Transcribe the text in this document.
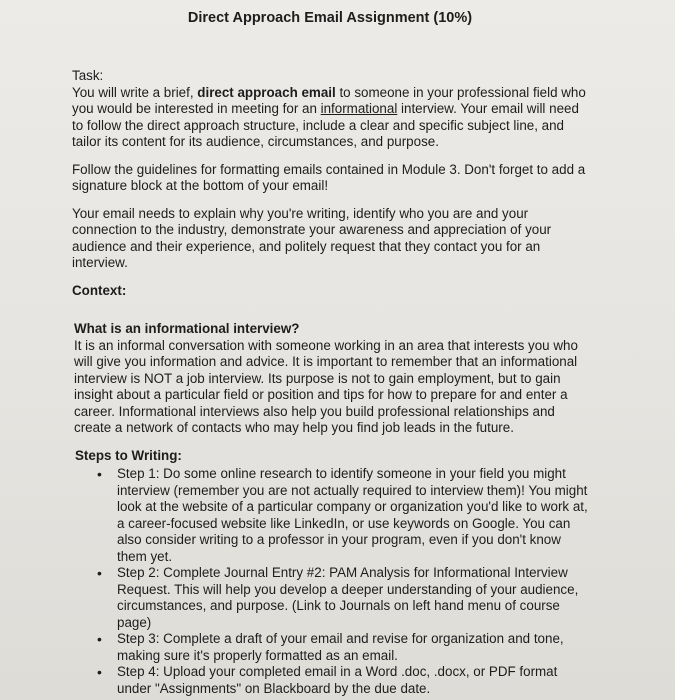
Direct Approach Email Assignment (10%)
Task:
You will write a brief, direct approach email to someone in your professional field who you would be interested in meeting for an informational interview. Your email will need to follow the direct approach structure, include a clear and specific subject line, and tailor its content for its audience, circumstances, and purpose.
Follow the guidelines for formatting emails contained in Module 3. Don't forget to add a signature block at the bottom of your email!
Your email needs to explain why you're writing, identify who you are and your connection to the industry, demonstrate your awareness and appreciation of your audience and their experience, and politely request that they contact you for an interview.
Context:
What is an informational interview?
It is an informal conversation with someone working in an area that interests you who will give you information and advice. It is important to remember that an informational interview is NOT a job interview. Its purpose is not to gain employment, but to gain insight about a particular field or position and tips for how to prepare for and enter a career. Informational interviews also help you build professional relationships and create a network of contacts who may help you find job leads in the future.
Steps to Writing:
• Step 1: Do some online research to identify someone in your field you might interview (remember you are not actually required to interview them)! You might look at the website of a particular company or organization you'd like to work at, a career-focused website like LinkedIn, or use keywords on Google. You can also consider writing to a professor in your program, even if you don't know them yet.
• Step 2: Complete Journal Entry #2: PAM Analysis for Informational Interview Request. This will help you develop a deeper understanding of your audience, circumstances, and purpose. (Link to Journals on left hand menu of course page)
• Step 3: Complete a draft of your email and revise for organization and tone, making sure it's properly formatted as an email.
• Step 4: Upload your completed email in a Word .doc, .docx, or PDF format under "Assignments" on Blackboard by the due date.
